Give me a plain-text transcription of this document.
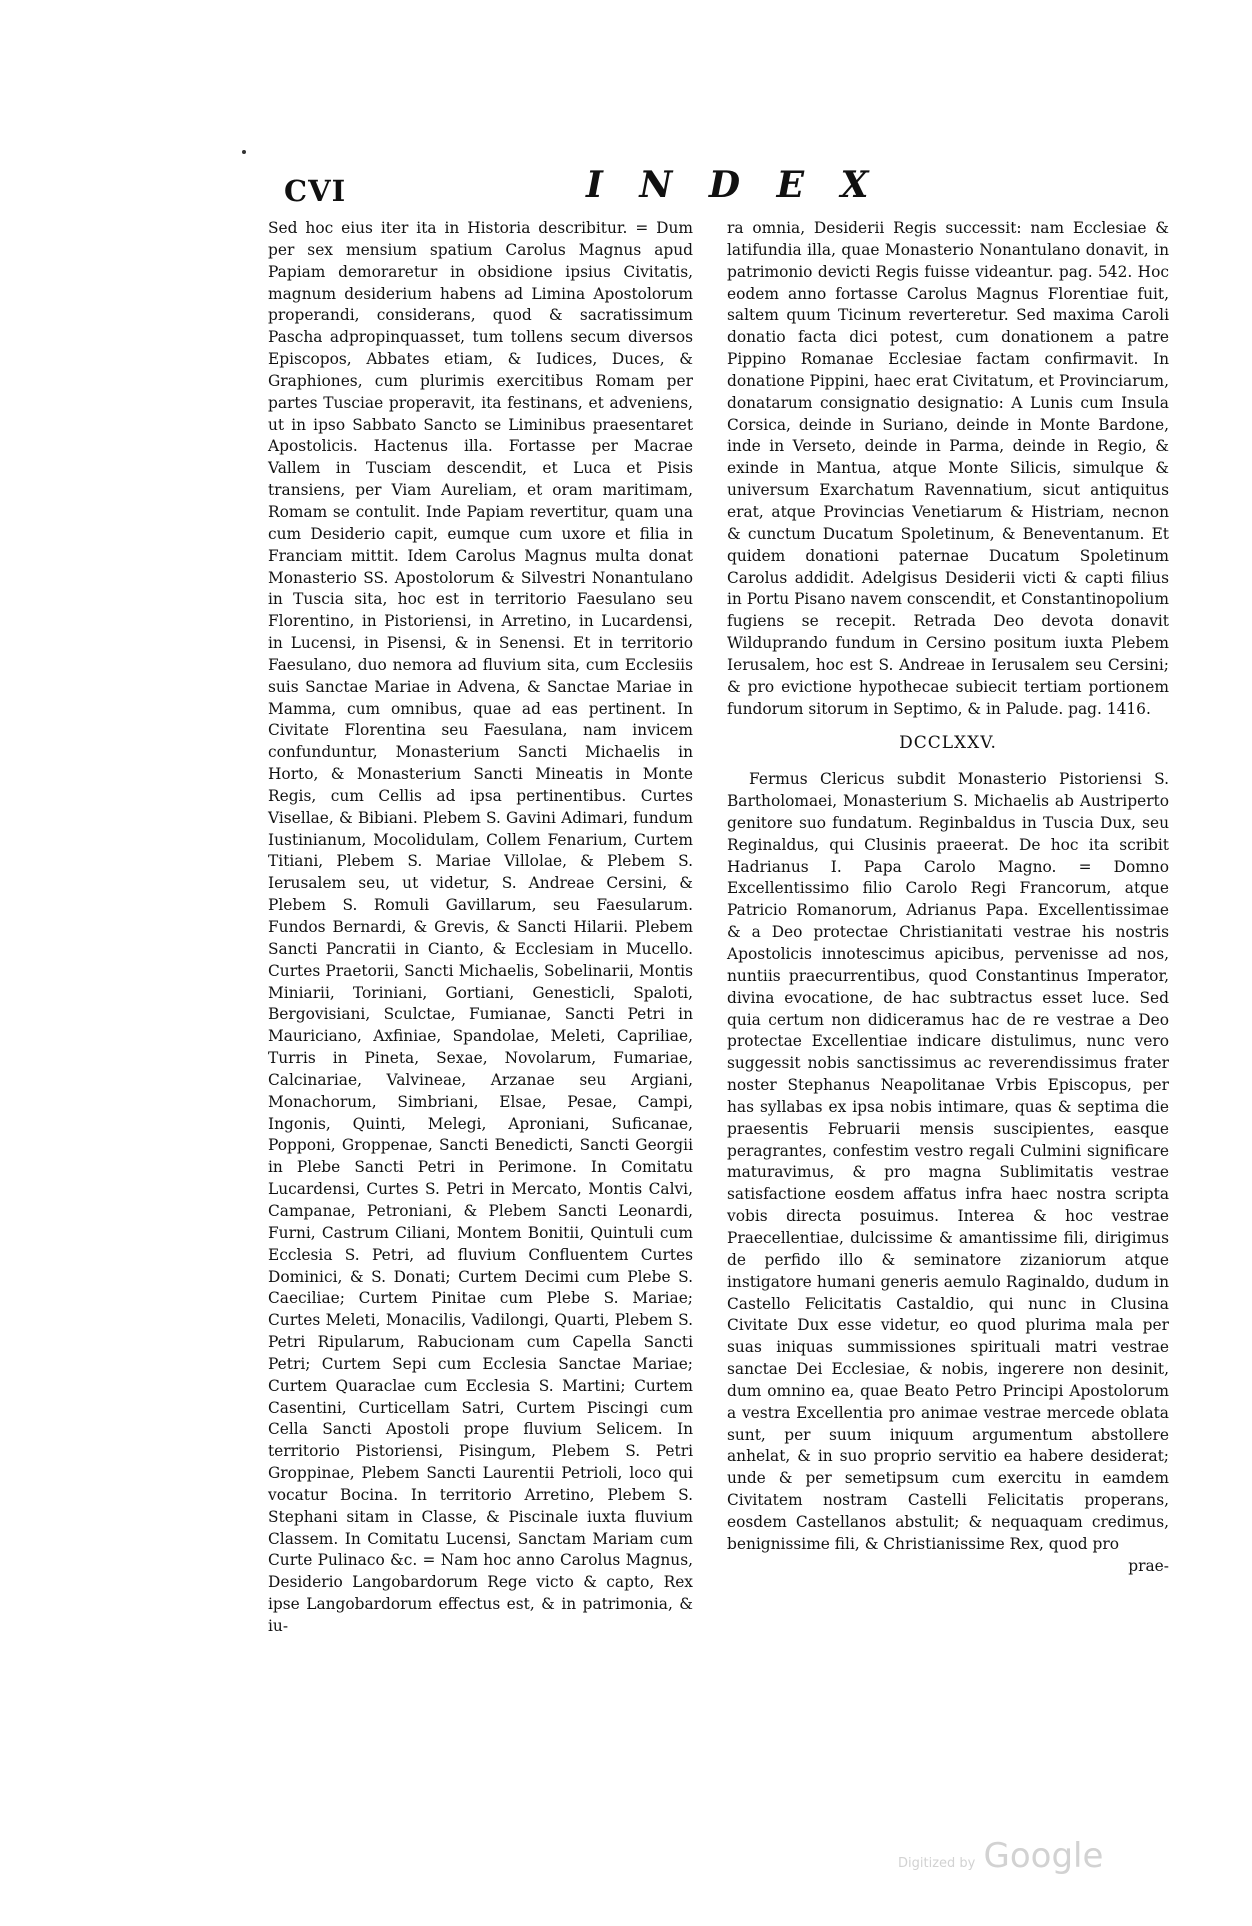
CVI	I N D E X

Sed hoc eius iter ita in Historia describitur. = Dum per sex mensium spatium Carolus Magnus apud Papiam demoraretur in obsidione ipsius Civitatis, magnum desiderium habens ad Limina Apostolorum properandi, considerans, quod & sacratissimum Pascha adpropinquasset, tum tollens secum diversos Episcopos, Abbates etiam, & Iudices, Duces, & Graphiones, cum plurimis exercitibus Romam per partes Tusciae properavit, ita festinans, et adveniens, ut in ipso Sabbato Sancto se Liminibus praesentaret Apostolicis. Hactenus illa. Fortasse per Macrae Vallem in Tusciam descendit, et Luca et Pisis transiens, per Viam Aureliam, et oram maritimam, Romam se contulit. Inde Papiam revertitur, quam una cum Desiderio capit, eumque cum uxore et filia in Franciam mittit. Idem Carolus Magnus multa donat Monasterio SS. Apostolorum & Silvestri Nonantulano in Tuscia sita, hoc est in territorio Faesulano seu Florentino, in Pistoriensi, in Arretino, in Lucardensi, in Lucensi, in Pisensi, & in Senensi. Et in territorio Faesulano, duo nemora ad fluvium sita, cum Ecclesiis suis Sanctae Mariae in Advena, & Sanctae Mariae in Mamma, cum omnibus, quae ad eas pertinent. In Civitate Florentina seu Faesulana, nam invicem confunduntur, Monasterium Sancti Michaelis in Horto, & Monasterium Sancti Mineatis in Monte Regis, cum Cellis ad ipsa pertinentibus. Curtes Visellae, & Bibiani. Plebem S. Gavini Adimari, fundum Iustinianum, Mocolidulam, Collem Fenarium, Curtem Titiani, Plebem S. Mariae Villolae, & Plebem S. Ierusalem seu, ut videtur, S. Andreae Cersini, & Plebem S. Romuli Gavillarum, seu Faesularum. Fundos Bernardi, & Grevis, & Sancti Hilarii. Plebem Sancti Pancratii in Cianto, & Ecclesiam in Mucello. Curtes Praetorii, Sancti Michaelis, Sobelinarii, Montis Miniarii, Toriniani, Gortiani, Genesticli, Spaloti, Bergovisiani, Sculctae, Fumianae, Sancti Petri in Mauriciano, Axfiniae, Spandolae, Meleti, Capriliae, Turris in Pineta, Sexae, Novolarum, Fumariae, Calcinariae, Valvineae, Arzanae seu Argiani, Monachorum, Simbriani, Elsae, Pesae, Campi, Ingonis, Quinti, Melegi, Aproniani, Suficanae, Popponi, Groppenae, Sancti Benedicti, Sancti Georgii in Plebe Sancti Petri in Perimone. In Comitatu Lucardensi, Curtes S. Petri in Mercato, Montis Calvi, Campanae, Petroniani, & Plebem Sancti Leonardi, Furni, Castrum Ciliani, Montem Bonitii, Quintuli cum Ecclesia S. Petri, ad fluvium Confluentem Curtes Dominici, & S. Donati; Curtem Decimi cum Plebe S. Caeciliae; Curtem Pinitae cum Plebe S. Mariae; Curtes Meleti, Monacilis, Vadilongi, Quarti, Plebem S. Petri Ripularum, Rabucionam cum Capella Sancti Petri; Curtem Sepi cum Ecclesia Sanctae Mariae; Curtem Quaraclae cum Ecclesia S. Martini; Curtem Casentini, Curticellam Satri, Curtem Piscingi cum Cella Sancti Apostoli prope fluvium Selicem. In territorio Pistoriensi, Pisingum, Plebem S. Petri Groppinae, Plebem Sancti Laurentii Petrioli, loco qui vocatur Bocina. In territorio Arretino, Plebem S. Stephani sitam in Classe, & Piscinale iuxta fluvium Classem. In Comitatu Lucensi, Sanctam Mariam cum Curte Pulinaco &c. = Nam hoc anno Carolus Magnus, Desiderio Langobardorum Rege victo & capto, Rex ipse Langobardorum effectus est, & in patrimonia, & iu-

ra omnia, Desiderii Regis successit: nam Ecclesiae & latifundia illa, quae Monasterio Nonantulano donavit, in patrimonio devicti Regis fuisse videantur. pag. 542. Hoc eodem anno fortasse Carolus Magnus Florentiae fuit, saltem quum Ticinum reverteretur. Sed maxima Caroli donatio facta dici potest, cum donationem a patre Pippino Romanae Ecclesiae factam confirmavit. In donatione Pippini, haec erat Civitatum, et Provinciarum, donatarum consignatio designatio: A Lunis cum Insula Corsica, deinde in Suriano, deinde in Monte Bardone, inde in Verseto, deinde in Parma, deinde in Regio, & exinde in Mantua, atque Monte Silicis, simulque & universum Exarchatum Ravennatium, sicut antiquitus erat, atque Provincias Venetiarum & Histriam, necnon & cunctum Ducatum Spoletinum, & Beneventanum. Et quidem donationi paternae Ducatum Spoletinum Carolus addidit. Adelgisus Desiderii victi & capti filius in Portu Pisano navem conscendit, et Constantinopolium fugiens se recepit. Retrada Deo devota donavit Wilduprando fundum in Cersino positum iuxta Plebem Ierusalem, hoc est S. Andreae in Ierusalem seu Cersini; & pro evictione hypothecae subiecit tertiam portionem fundorum sitorum in Septimo, & in Palude. pag. 1416.

DCCLXXV.

Fermus Clericus subdit Monasterio Pistoriensi S. Bartholomaei, Monasterium S. Michaelis ab Austriperto genitore suo fundatum. Reginbaldus in Tuscia Dux, seu Reginaldus, qui Clusinis praeerat. De hoc ita scribit Hadrianus I. Papa Carolo Magno. = Domno Excellentissimo filio Carolo Regi Francorum, atque Patricio Romanorum, Adrianus Papa. Excellentissimae & a Deo protectae Christianitati vestrae his nostris Apostolicis innotescimus apicibus, pervenisse ad nos, nuntiis praecurrentibus, quod Constantinus Imperator, divina evocatione, de hac subtractus esset luce. Sed quia certum non didiceramus hac de re vestrae a Deo protectae Excellentiae indicare distulimus, nunc vero suggessit nobis sanctissimus ac reverendissimus frater noster Stephanus Neapolitanae Vrbis Episcopus, per has syllabas ex ipsa nobis intimare, quas & septima die praesentis Februarii mensis suscipientes, easque peragrantes, confestim vestro regali Culmini significare maturavimus, & pro magna Sublimitatis vestrae satisfactione eosdem affatus infra haec nostra scripta vobis directa posuimus. Interea & hoc vestrae Praecellentiae, dulcissime & amantissime fili, dirigimus de perfido illo & seminatore zizaniorum atque instigatore humani generis aemulo Raginaldo, dudum in Castello Felicitatis Castaldio, qui nunc in Clusina Civitate Dux esse videtur, eo quod plurima mala per suas iniquas summissiones spirituali matri vestrae sanctae Dei Ecclesiae, & nobis, ingerere non desinit, dum omnino ea, quae Beato Petro Principi Apostolorum a vestra Excellentia pro animae vestrae mercede oblata sunt, per suum iniquum argumentum abstollere anhelat, & in suo proprio servitio ea habere desiderat; unde & per semetipsum cum exercitu in eamdem Civitatem nostram Castelli Felicitatis properans, eosdem Castellanos abstulit; & nequaquam credimus, benignissime fili, & Christianissime Rex, quod pro

prae-

Digitized by Google
